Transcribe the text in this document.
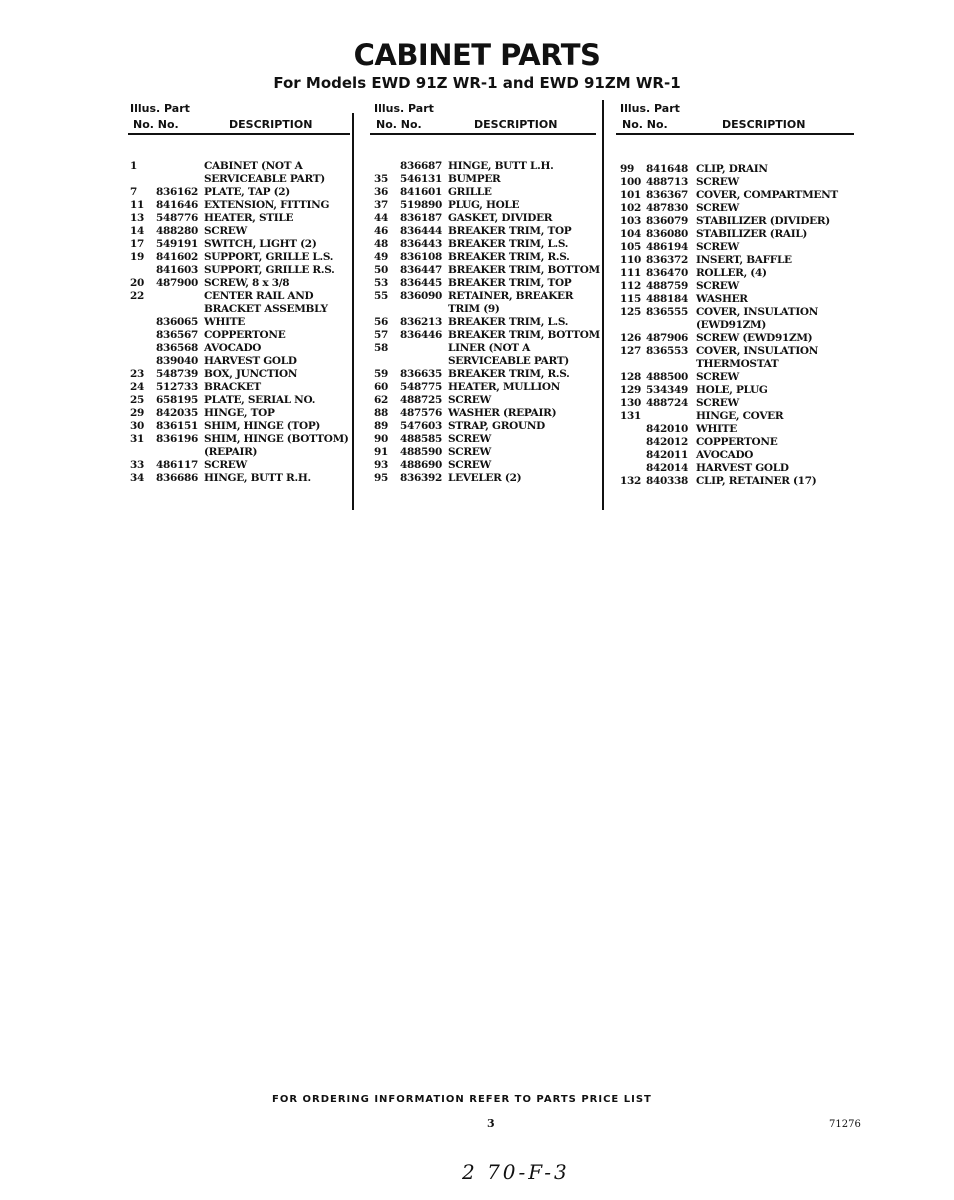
CABINET PARTS
For Models EWD 91Z WR-1 and EWD 91ZM WR-1
Illus. Part
No. No.	DESCRIPTION
Illus. Part
No. No.	DESCRIPTION
Illus. Part
No. No.	DESCRIPTION
1	CABINET (NOT A
SERVICEABLE PART)
7 836162 PLATE, TAP (2)
11 841646 EXTENSION, FITTING
13 548776 HEATER, STILE
14 488280 SCREW
17 549191 SWITCH, LIGHT (2)
19 841602 SUPPORT, GRILLE L.S.
841603 SUPPORT, GRILLE R.S.
20 487900 SCREW, 8 x 3/8
22	CENTER RAIL AND
BRACKET ASSEMBLY
836065 WHITE
836567 COPPERTONE
836568 AVOCADO
839040 HARVEST GOLD
23 548739 BOX, JUNCTION
24 512733 BRACKET
25 658195 PLATE, SERIAL NO.
29 842035 HINGE, TOP
30 836151 SHIM, HINGE (TOP)
31 836196 SHIM, HINGE (BOTTOM)
(REPAIR)
33 486117 SCREW
34 836686 HINGE, BUTT R.H.
836687 HINGE, BUTT L.H.
35 546131 BUMPER
36 841601 GRILLE
37 519890 PLUG, HOLE
44 836187 GASKET, DIVIDER
46 836444 BREAKER TRIM, TOP
48 836443 BREAKER TRIM, L.S.
49 836108 BREAKER TRIM, R.S.
50 836447 BREAKER TRIM, BOTTOM
53 836445 BREAKER TRIM, TOP
55 836090 RETAINER, BREAKER
TRIM (9)
56 836213 BREAKER TRIM, L.S.
57 836446 BREAKER TRIM, BOTTOM
58	LINER (NOT A
SERVICEABLE PART)
59 836635 BREAKER TRIM, R.S.
60 548775 HEATER, MULLION
62 488725 SCREW
88 487576 WASHER (REPAIR)
89 547603 STRAP, GROUND
90 488585 SCREW
91 488590 SCREW
93 488690 SCREW
95 836392 LEVELER (2)
99 841648 CLIP, DRAIN
100 488713 SCREW
101 836367 COVER, COMPARTMENT
102 487830 SCREW
103 836079 STABILIZER (DIVIDER)
104 836080 STABILIZER (RAIL)
105 486194 SCREW
110 836372 INSERT, BAFFLE
111 836470 ROLLER, (4)
112 488759 SCREW
115 488184 WASHER
125 836555 COVER, INSULATION
(EWD91ZM)
126 487906 SCREW (EWD91ZM)
127 836553 COVER, INSULATION
THERMOSTAT
128 488500 SCREW
129 534349 HOLE, PLUG
130 488724 SCREW
131	HINGE, COVER
842010 WHITE
842012 COPPERTONE
842011 AVOCADO
842014 HARVEST GOLD
132 840338 CLIP, RETAINER (17)
FOR ORDERING INFORMATION REFER TO PARTS PRICE LIST
3	71276
2 70-F-3
